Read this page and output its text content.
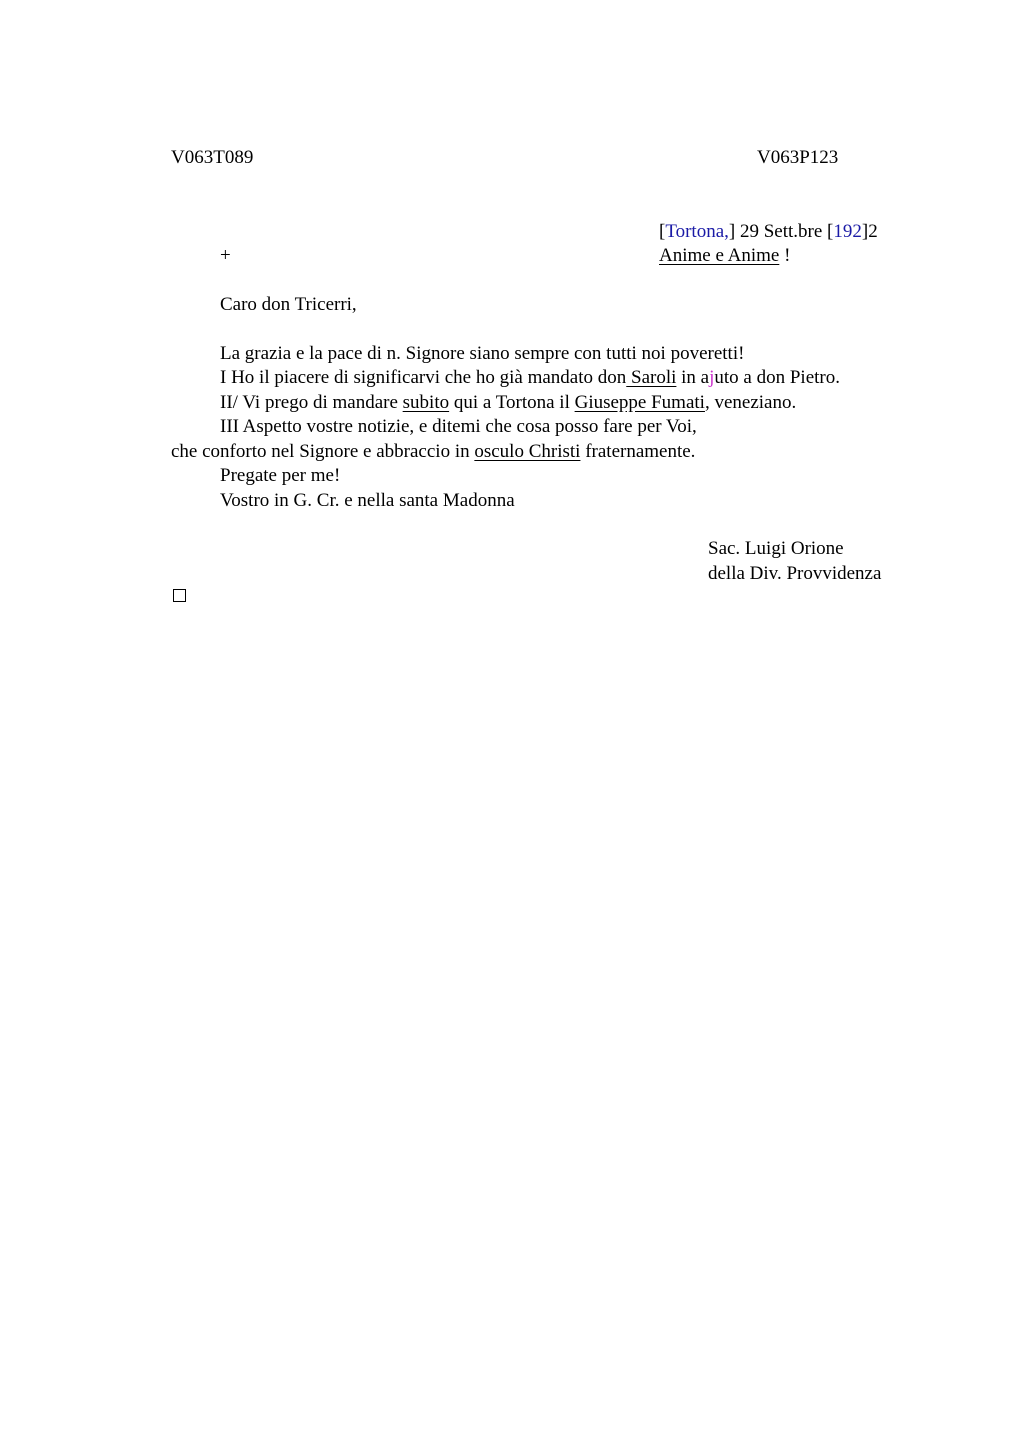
V063T089	V063P123
[Tortona,] 29 Sett.bre [192]2
+	Anime e Anime !
Caro don Tricerri,
La grazia e la pace di n. Signore siano sempre con tutti noi poveretti!
I Ho il piacere di significarvi che ho già mandato don Saroli in ajuto a don Pietro.
II/ Vi prego di mandare subito qui a Tortona il Giuseppe Fumati, veneziano.
III Aspetto vostre notizie, e ditemi che cosa posso fare per Voi,
che conforto nel Signore e abbraccio in osculo Christi fraternamente.
Pregate per me!
Vostro in G. Cr. e nella santa Madonna
Sac. Luigi Orione
della Div. Provvidenza
